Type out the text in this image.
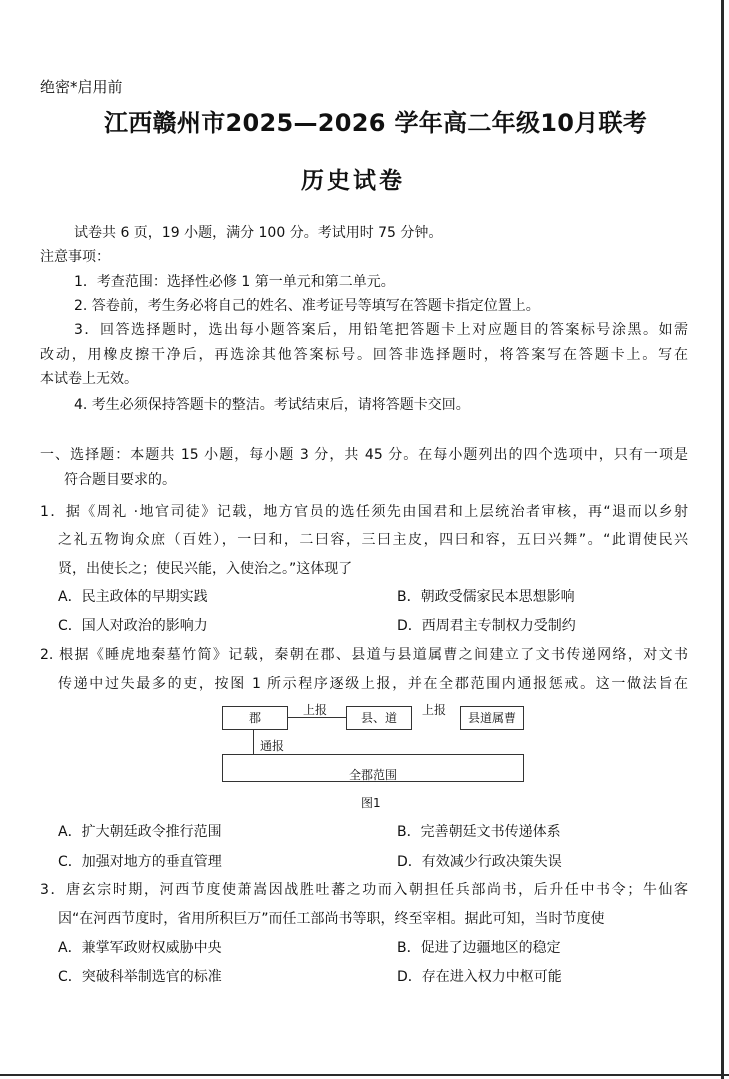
绝密*启用前
江西赣州市2025—2026 学年高二年级10月联考
历史试卷
试卷共 6 页，19 小题，满分 100 分。考试用时 75 分钟。
注意事项：
1．考查范围：选择性必修 1 第一单元和第二单元。
2. 答卷前，考生务必将自己的姓名、准考证号等填写在答题卡指定位置上。
3．回答选择题时，选出每小题答案后，用铅笔把答题卡上对应题目的答案标号涂黑。如需
改动，用橡皮擦干净后，再选涂其他答案标号。回答非选择题时，将答案写在答题卡上。写在
本试卷上无效。
4. 考生必须保持答题卡的整洁。考试结束后，请将答题卡交回。
一、选择题：本题共 15 小题，每小题 3 分，共 45 分。在每小题列出的四个选项中，只有一项是
符合题目要求的。
1．据《周礼 ·地官司徒》记载，地方官员的选任须先由国君和上层统治者审核，再“退而以乡射
之礼五物询众庶（百姓），一曰和，二曰容，三曰主皮，四曰和容，五曰兴舞”。“此谓使民兴
贤，出使长之；使民兴能，入使治之。”这体现了
A．民主政体的早期实践	B．朝政受儒家民本思想影响
C．国人对政治的影响力	D．西周君主专制权力受制约
2. 根据《睡虎地秦墓竹简》记载，秦朝在郡、县道与县道属曹之间建立了文书传递网络，对文书
传递中过失最多的吏，按图 1 所示程序逐级上报，并在全郡范围内通报惩戒。这一做法旨在
郡
上报
县、道
上报
县道属曹
通报
全郡范围
图1
A．扩大朝廷政令推行范围	B．完善朝廷文书传递体系
C．加强对地方的垂直管理	D．有效减少行政决策失误
3．唐玄宗时期，河西节度使萧嵩因战胜吐蕃之功而入朝担任兵部尚书，后升任中书令；牛仙客
因“在河西节度时，省用所积巨万”而任工部尚书等职，终至宰相。据此可知，当时节度使
A．兼掌军政财权威胁中央	B．促进了边疆地区的稳定
C．突破科举制选官的标准	D．存在进入权力中枢可能
